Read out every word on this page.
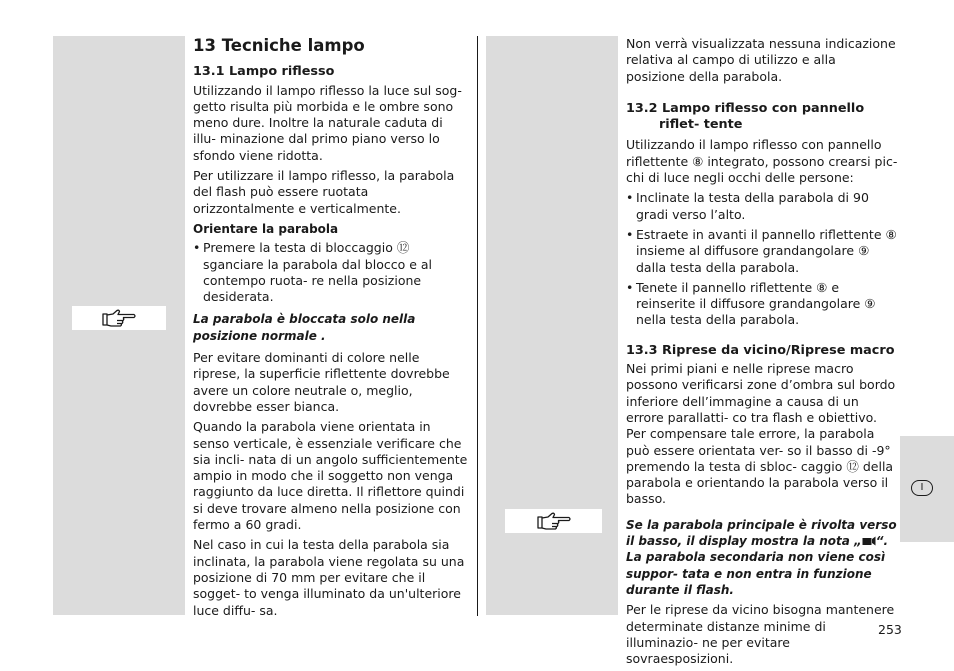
I
13 Tecniche lampo
13.1 Lampo riflesso

Utilizzando il lampo riflesso la luce sul sog- getto risulta più morbida e le ombre sono meno dure. Inoltre la naturale caduta di illu- minazione dal primo piano verso lo sfondo viene ridotta.

Per utilizzare il lampo riflesso, la parabola del flash può essere ruotata orizzontalmente e verticalmente.

Orientare la parabola
• Premere la testa di bloccaggio ⑫ sganciare la parabola dal blocco e al contempo ruota- re nella posizione desiderata.

La parabola è bloccata solo nella posizione normale .

Per evitare dominanti di colore nelle riprese, la superficie riflettente dovrebbe avere un colore neutrale o, meglio, dovrebbe esser bianca.

Quando la parabola viene orientata in senso verticale, è essenziale verificare che sia incli- nata di un angolo sufficientemente ampio in modo che il soggetto non venga raggiunto da luce diretta. Il riflettore quindi si deve trovare almeno nella posizione con fermo a 60 gradi.

Nel caso in cui la testa della parabola sia inclinata, la parabola viene regolata su una posizione di 70 mm per evitare che il sogget- to venga illuminato da un'ulteriore luce diffu- sa.

Non verrà visualizzata nessuna indicazione relativa al campo di utilizzo e alla posizione della parabola.

13.2 Lampo riflesso con pannello riflet- tente

Utilizzando il lampo riflesso con pannello riflettente ⑧ integrato, possono crearsi pic- chi di luce negli occhi delle persone:

• Inclinate la testa della parabola di 90 gradi verso l’alto.
• Estraete in avanti il pannello riflettente ⑧ insieme al diffusore grandangolare ⑨ dalla testa della parabola.
• Tenete il pannello riflettente ⑧ e reinserite il diffusore grandangolare ⑨ nella testa della parabola.
13.3 Riprese da vicino/Riprese macro

Nei primi piani e nelle riprese macro possono verificarsi zone d’ombra sul bordo inferiore dell’immagine a causa di un errore parallatti- co tra flash e obiettivo. Per compensare tale errore, la parabola può essere orientata ver- so il basso di -9° premendo la testa di sbloc- caggio ⑫ della parabola e orientando la parabola verso il basso.

Se la parabola principale è rivolta verso il basso, il display mostra la nota „ “. La parabola secondaria non viene così suppor- tata e non entra in funzione durante il flash.

Per le riprese da vicino bisogna mantenere determinate distanze minime di illuminazio- ne per evitare sovraesposizioni.

253
